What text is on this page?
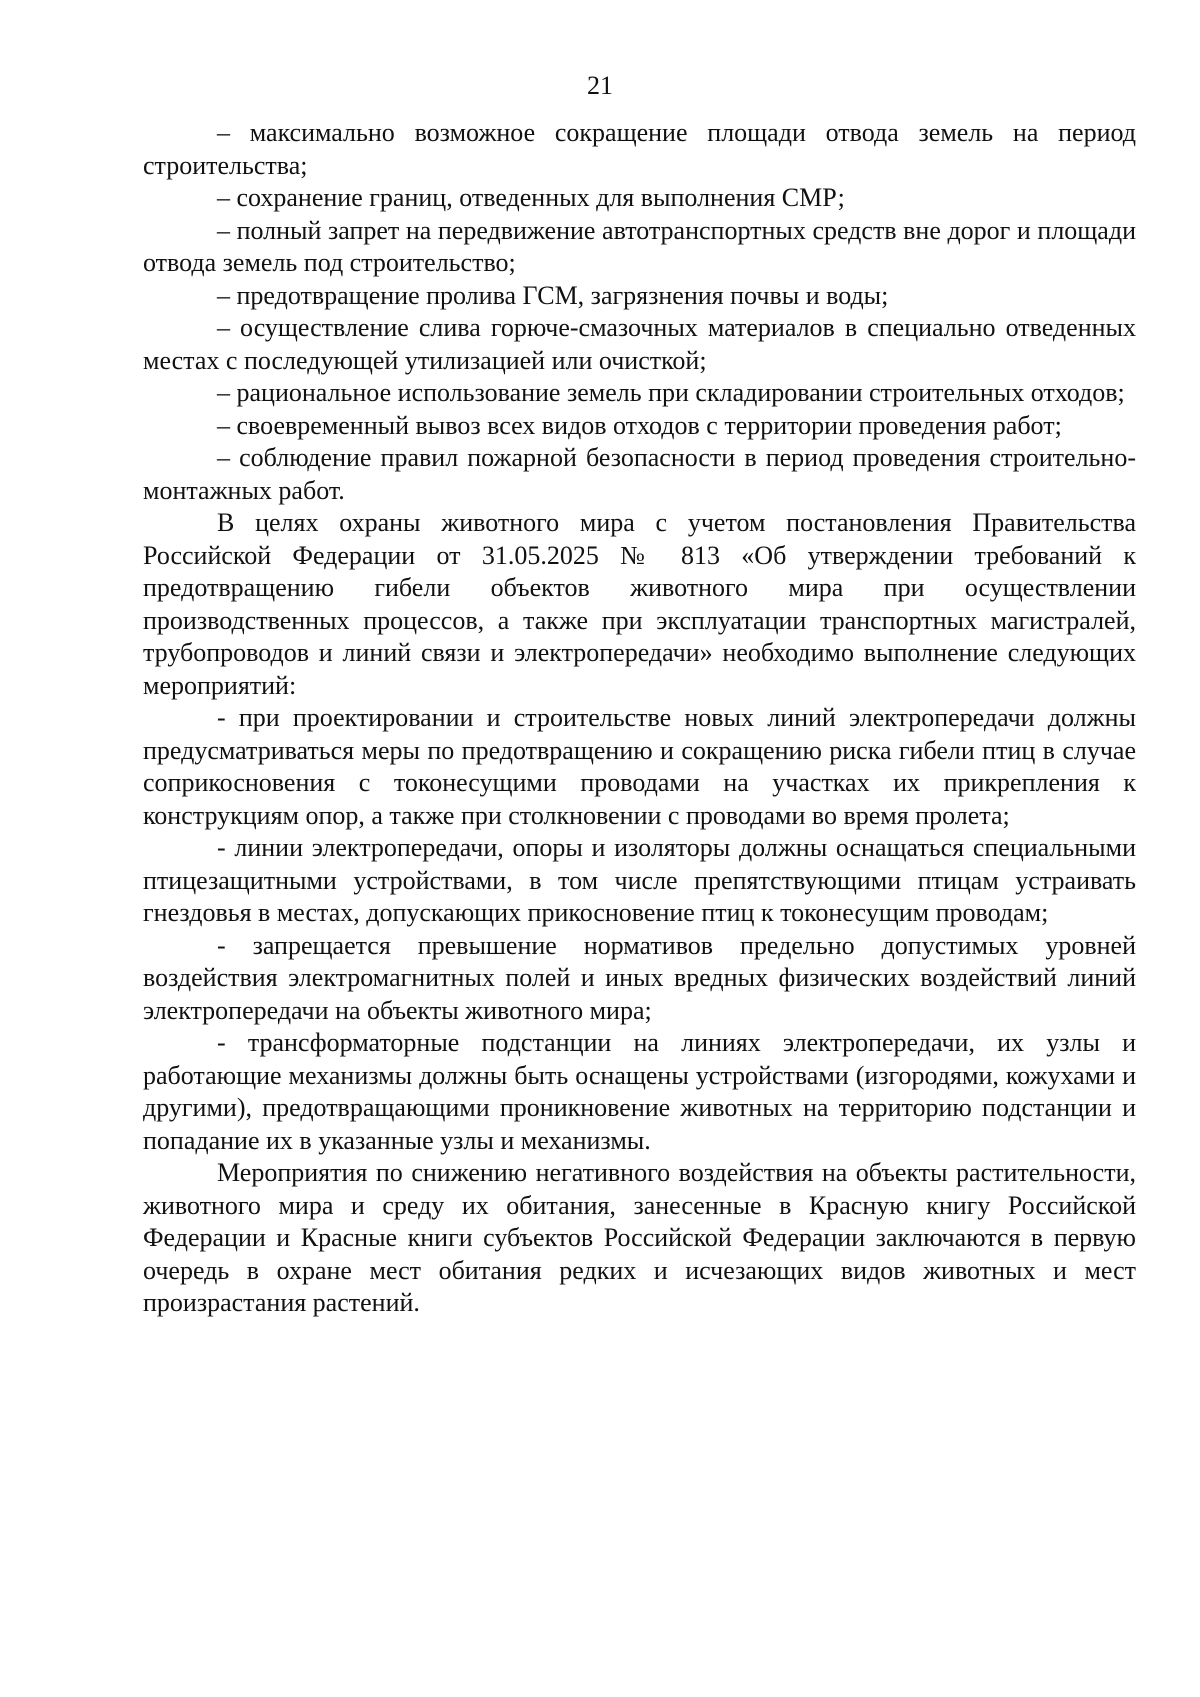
21

– максимально возможное сокращение площади отвода земель на период строительства;

– сохранение границ, отведенных для выполнения СМР;

– полный запрет на передвижение автотранспортных средств вне дорог и площади отвода земель под строительство;

– предотвращение пролива ГСМ, загрязнения почвы и воды;

– осуществление слива горюче-смазочных материалов в специально отведенных местах с последующей утилизацией или очисткой;

– рациональное использование земель при складировании строительных отходов;

– своевременный вывоз всех видов отходов с территории проведения работ;

– соблюдение правил пожарной безопасности в период проведения строительно-монтажных работ.

В целях охраны животного мира с учетом постановления Правительства Российской Федерации от 31.05.2025 № 813 «Об утверждении требований к предотвращению гибели объектов животного мира при осуществлении производственных процессов, а также при эксплуатации транспортных магистралей, трубопроводов и линий связи и электропередачи» необходимо выполнение следующих мероприятий:

- при проектировании и строительстве новых линий электропередачи должны предусматриваться меры по предотвращению и сокращению риска гибели птиц в случае соприкосновения с токонесущими проводами на участках их прикрепления к конструкциям опор, а также при столкновении с проводами во время пролета;

- линии электропередачи, опоры и изоляторы должны оснащаться специальными птицезащитными устройствами, в том числе препятствующими птицам устраивать гнездовья в местах, допускающих прикосновение птиц к токонесущим проводам;

- запрещается превышение нормативов предельно допустимых уровней воздействия электромагнитных полей и иных вредных физических воздействий линий электропередачи на объекты животного мира;

- трансформаторные подстанции на линиях электропередачи, их узлы и работающие механизмы должны быть оснащены устройствами (изгородями, кожухами и другими), предотвращающими проникновение животных на территорию подстанции и попадание их в указанные узлы и механизмы.

Мероприятия по снижению негативного воздействия на объекты растительности, животного мира и среду их обитания, занесенные в Красную книгу Российской Федерации и Красные книги субъектов Российской Федерации заключаются в первую очередь в охране мест обитания редких и исчезающих видов животных и мест произрастания растений.
